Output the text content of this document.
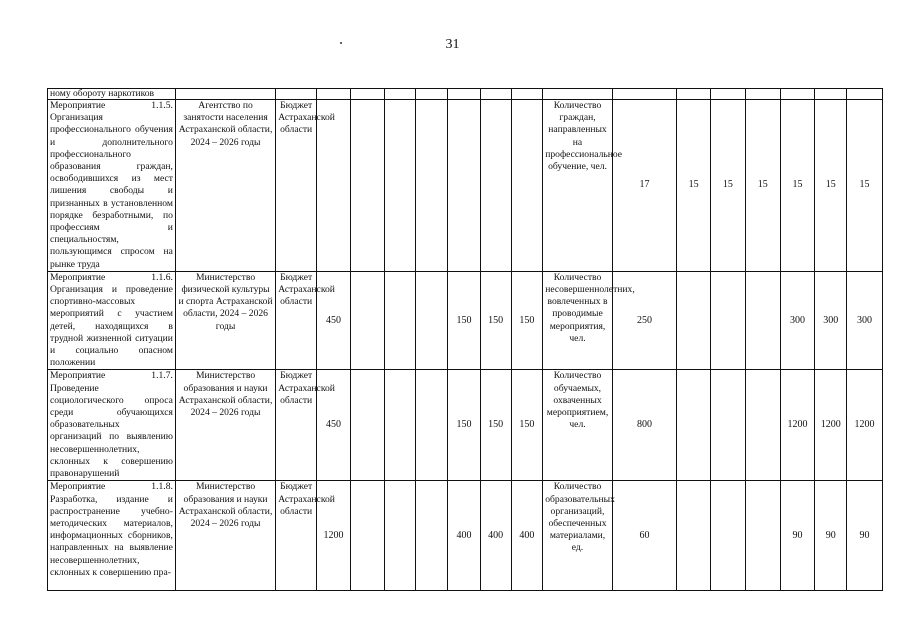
31
ному обороту наркотиков																	
Мероприятие 1.1.5. Организация профессионального обучения и дополнительного профессионального образования граждан, освободившихся из мест лишения свободы и признанных в установленном порядке безработными, по профессиям и специальностям, пользующимся спросом на рынке труда	Агентство по занятости населения Астраханской области, 2024 – 2026 годы	Бюджет Астраханской области								Количество граждан, направленных на профессиональное обучение, чел.	17	15	15	15	15	15	15
Мероприятие 1.1.6. Организация и проведение спортивно-массовых мероприятий с участием детей, находящихся в трудной жизненной ситуации и социально опасном положении	Министерство физической культуры и спорта Астраханской области, 2024 – 2026 годы	Бюджет Астраханской области	450				150	150	150	Количество несовершеннолетних, вовлеченных в проводимые мероприятия, чел.	250				300	300	300
Мероприятие 1.1.7. Проведение социологического опроса среди обучающихся образовательных организаций по выявлению несовершеннолетних, склонных к совершению правонарушений	Министерство образования и науки Астраханской области, 2024 – 2026 годы	Бюджет Астраханской области	450				150	150	150	Количество обучаемых, охваченных мероприятием, чел.	800				1200	1200	1200
Мероприятие 1.1.8. Разработка, издание и распространение учебно-методических материалов, информационных сборников, направленных на выявление несовершеннолетних, склонных к совершению пра-	Министерство образования и науки Астраханской области, 2024 – 2026 годы	Бюджет Астраханской области	1200				400	400	400	Количество образовательных организаций, обеспеченных материалами, ед.	60				90	90	90
